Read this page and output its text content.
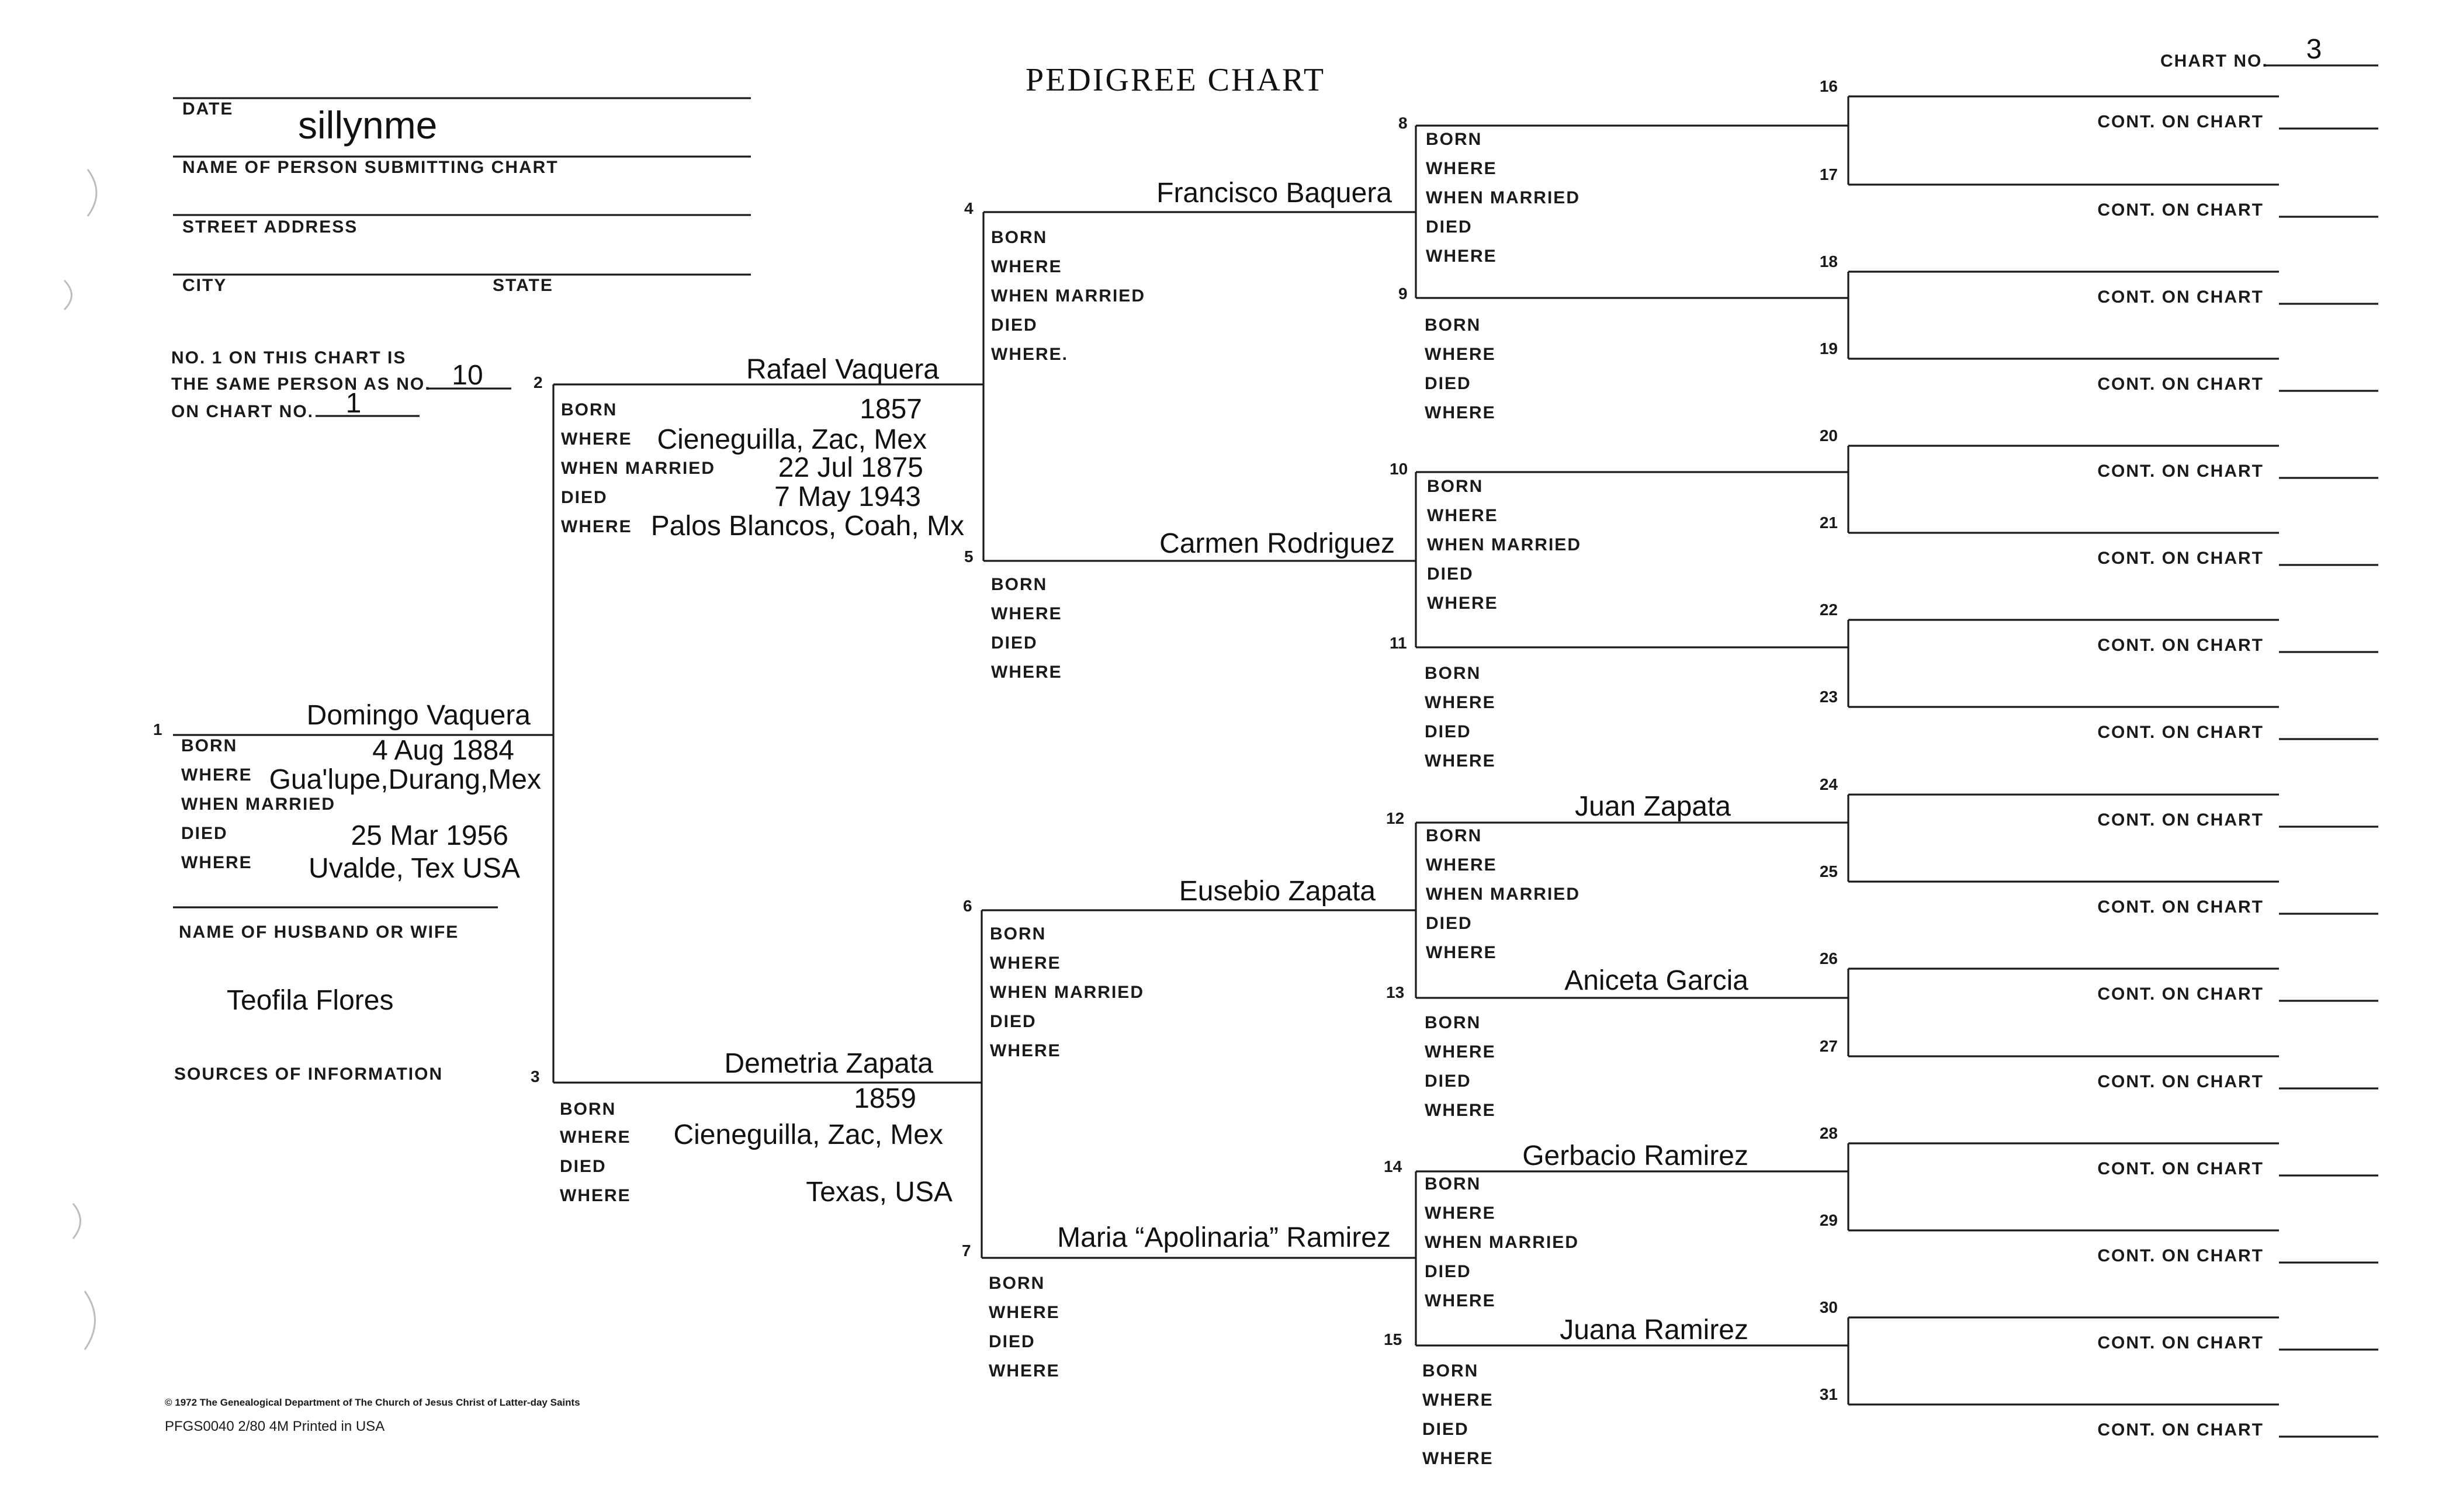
PEDIGREE CHART
CHART NO. 3
DATE sillynme
NAME OF PERSON SUBMITTING CHART
STREET ADDRESS
CITY	STATE
NO. 1 ON THIS CHART IS
THE SAME PERSON AS NO. 10
ON CHART NO. 1
NAME OF HUSBAND OR WIFE
Teofila Flores
SOURCES OF INFORMATION
© 1972 The Genealogical Department of The Church of Jesus Christ of Latter-day Saints
PFGS0040 2/80 4M Printed in USA
1	Domingo Vaquera
BORN	4 Aug 1884
WHERE Gua'lupe,Durang,Mex
WHEN MARRIED
DIED	25 Mar 1956
WHERE Uvalde, Tex USA
2	Rafael Vaquera
BORN	1857
WHERE Cieneguilla, Zac, Mex
WHEN MARRIED 22 Jul 1875
DIED	7 May 1943
WHERE Palos Blancos, Coah, Mx
3	Demetria Zapata
BORN	1859
WHERE Cieneguilla, Zac, Mex
DIED
WHERE	Texas, USA
4	Francisco Baquera
BORN
WHERE
WHEN MARRIED
DIED
WHERE.
5	Carmen Rodriguez
BORN
WHERE
DIED
WHERE
6	Eusebio Zapata
BORN
WHERE
WHEN MARRIED
DIED
WHERE
7	Maria “Apolinaria” Ramirez
BORN
WHERE
DIED
WHERE
8
BORN
WHERE
WHEN MARRIED
DIED
WHERE
9
BORN
WHERE
DIED
WHERE
10
BORN
WHERE
WHEN MARRIED
DIED
WHERE
11
BORN
WHERE
DIED
WHERE
12	Juan Zapata
BORN
WHERE
WHEN MARRIED
DIED
WHERE
13	Aniceta Garcia
BORN
WHERE
DIED
WHERE
14	Gerbacio Ramirez
BORN
WHERE
WHEN MARRIED
DIED
WHERE
15	Juana Ramirez
BORN
WHERE
DIED
WHERE
16
CONT. ON CHART
17
CONT. ON CHART
18
CONT. ON CHART
19
CONT. ON CHART
20
CONT. ON CHART
21
CONT. ON CHART
22
CONT. ON CHART
23
CONT. ON CHART
24
CONT. ON CHART
25
CONT. ON CHART
26
CONT. ON CHART
27
CONT. ON CHART
28
CONT. ON CHART
29
CONT. ON CHART
30
CONT. ON CHART
31
CONT. ON CHART
